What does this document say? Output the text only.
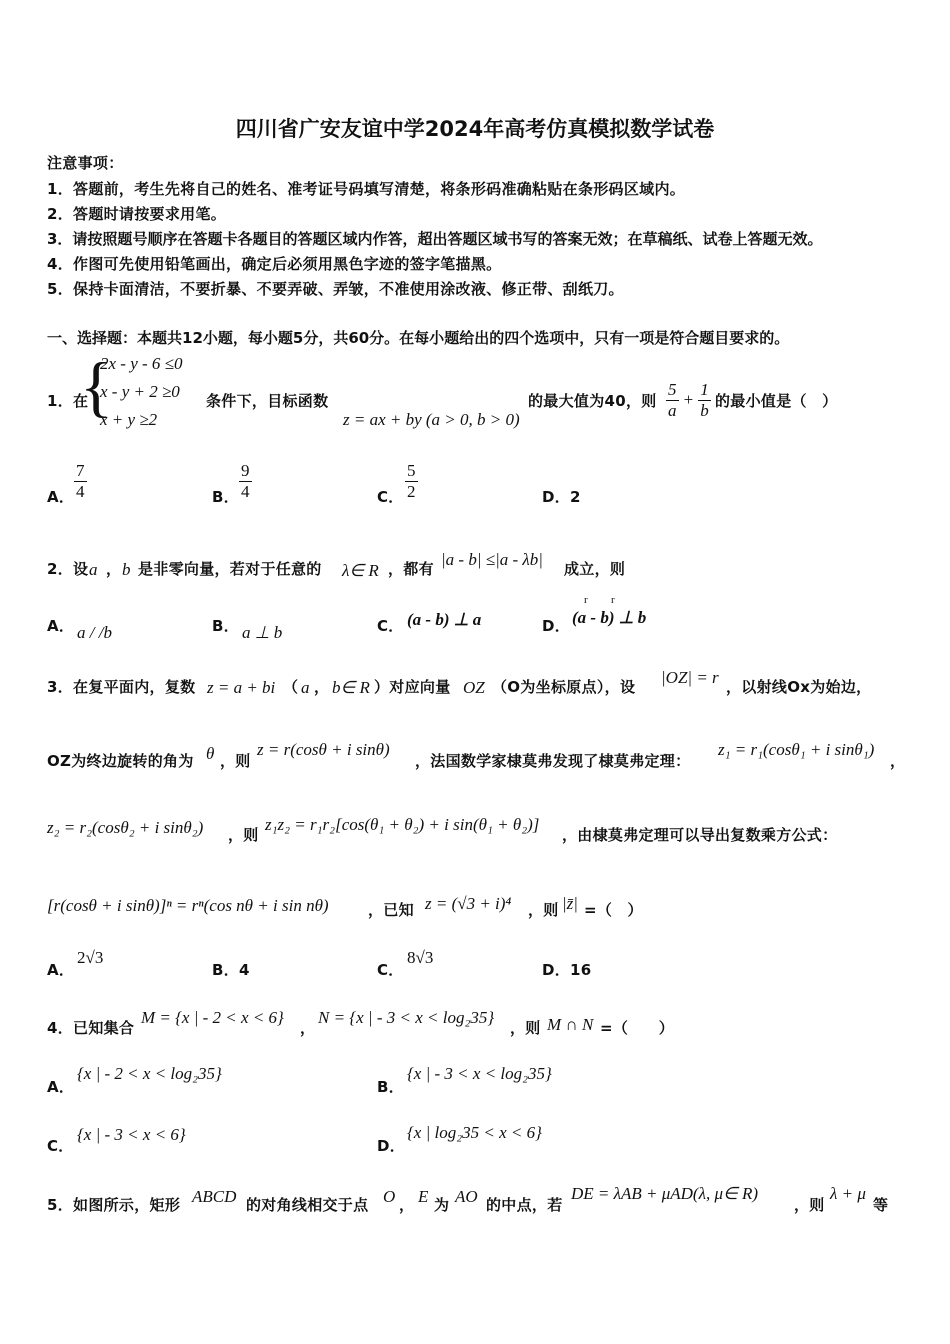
四川省广安友谊中学2024年高考仿真模拟数学试卷
注意事项：
1．答题前，考生先将自己的姓名、准考证号码填写清楚，将条形码准确粘贴在条形码区域内。
2．答题时请按要求用笔。
3．请按照题号顺序在答题卡各题目的答题区域内作答，超出答题区域书写的答案无效；在草稿纸、试卷上答题无效。
4．作图可先使用铅笔画出，确定后必须用黑色字迹的签字笔描黑。
5．保持卡面清洁，不要折暴、不要弄破、弄皱，不准使用涂改液、修正带、刮纸刀。
一、选择题：本题共12小题，每小题5分，共60分。在每小题给出的四个选项中，只有一项是符合题目要求的。
1．在
{
2x - y - 6 ≤0
x - y + 2 ≥0
x + y ≥2
条件下，目标函数
z = ax + by (a > 0, b > 0)
的最大值为40，则 $\frac{5}{a} + \frac{1}{b}$ 的最小值是（　）
A． $\frac{7}{4}$	B． $\frac{9}{4}$	C． $\frac{5}{2}$	D．2
2．设 a ， b 是非零向量，若对于任意的 λ∈ R ，都有 |a - b| ≤|a - λb| 成立，则
A． a / /b	B． a ⊥ b	C． (a - b) ⊥ a	D．
r r
(a - b) ⊥ b
3．在复平面内，复数 z = a + bi （ a ， b∈ R ）对应向量 OZ （O为坐标原点），设 |OZ| = r ，以射线Ox为始边，
OZ为终边旋转的角为 θ ，则
z = r(cosθ + i sinθ)
，法国数学家棣莫弗发现了棣莫弗定理：
z₁ = r₁(cosθ₁ + i sinθ₁)
，
z₂ = r₂(cosθ₂ + i sinθ₂) ，则
z₁z₂ = r₁r₂[cos(θ₁ + θ₂) + i sin(θ₁ + θ₂)]
，由棣莫弗定理可以导出复数乘方公式：
[r(cosθ + i sinθ)]ⁿ = rⁿ(cos nθ + i sin nθ)	，已知 z = (√3 + i)⁴ ，则 |z̄| =（　）
A．
2√3
B．4	C．
8√3
D．16
4．已知集合
M = {x | - 2 < x < 6}
，
N = {x | - 3 < x < log₂35}
，则 M ∩ N =（　　）
A．
{x | - 2 < x < log₂35}
B．
{x | - 3 < x < log₂35}
C．
{x | - 3 < x < 6}
D．
{x | log₂35 < x < 6}
5．如图所示，矩形 ABCD 的对角线相交于点 O ， E 为 AO 的中点，若
DE = λAB + μAD(λ, μ∈ R)
，则
λ + μ
等
